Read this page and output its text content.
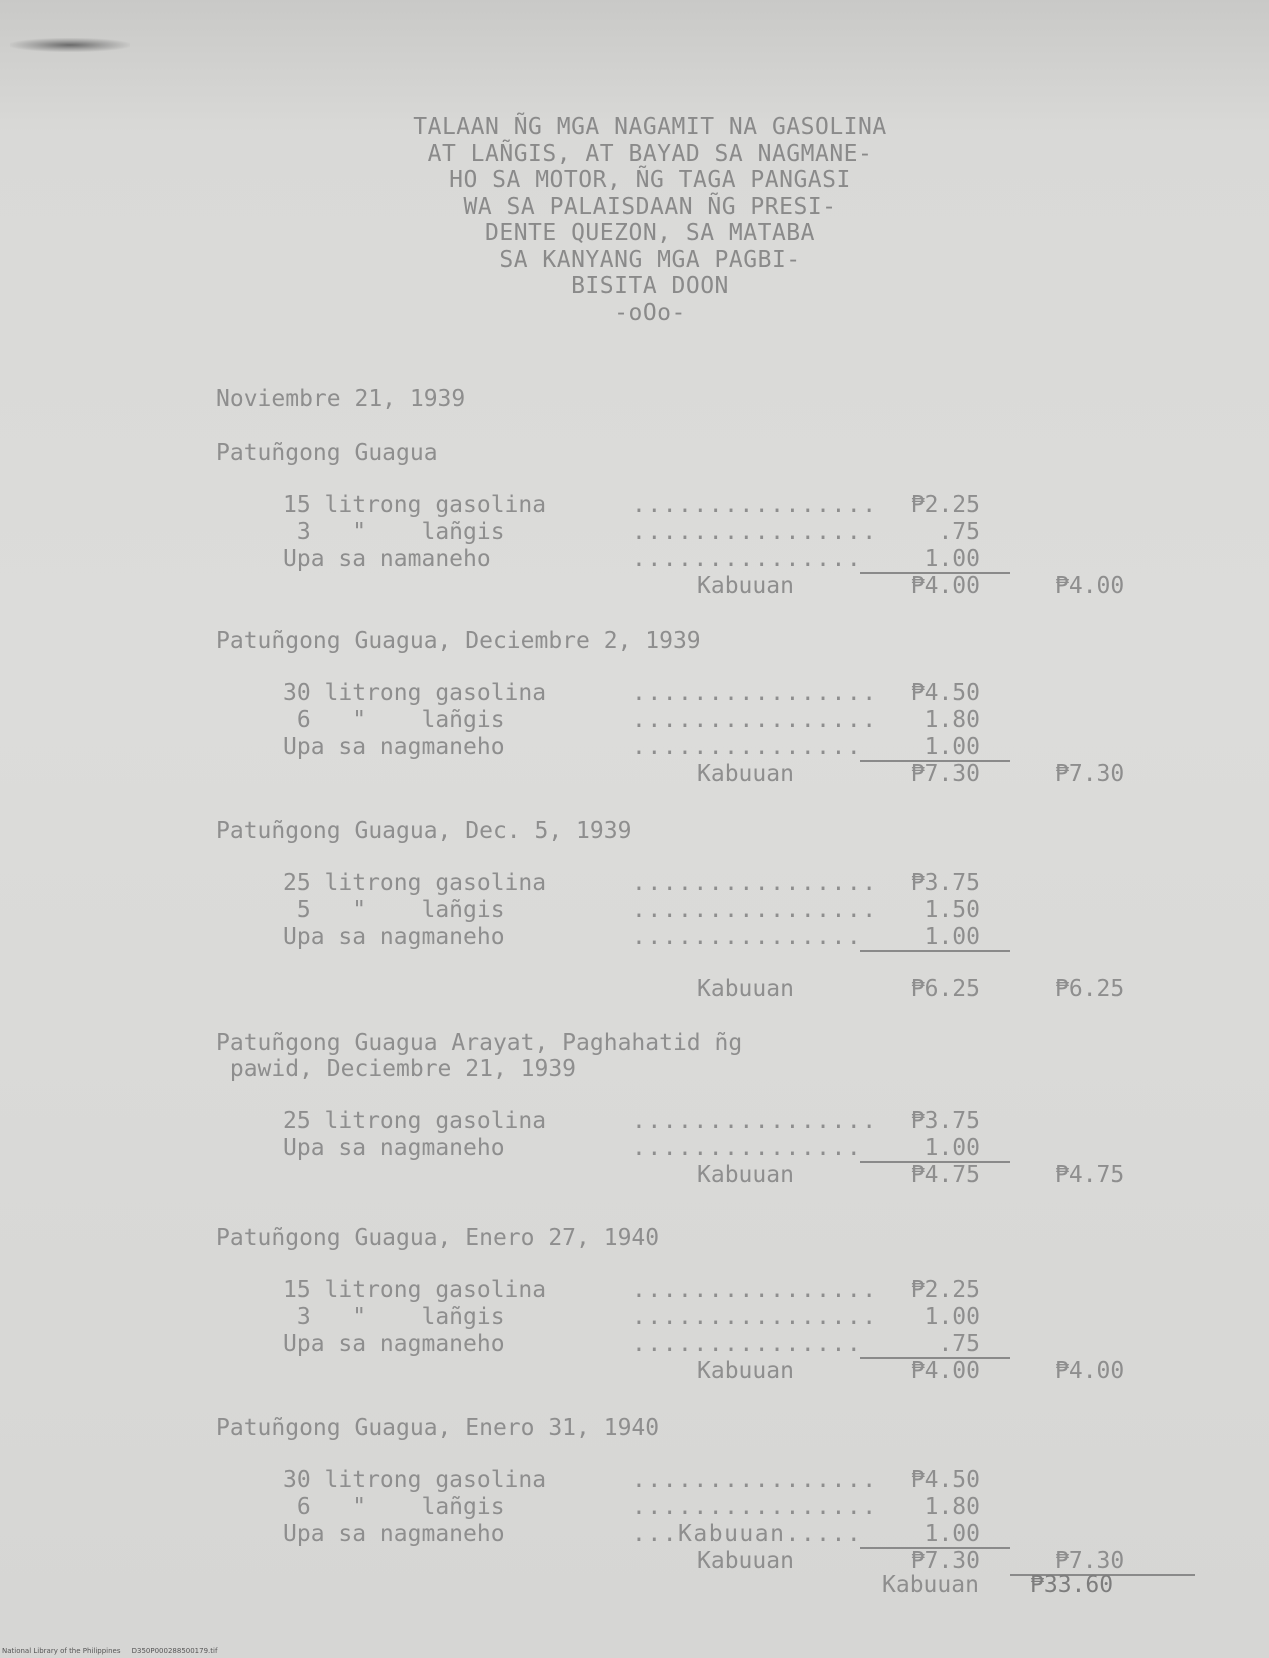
TALAAN ÑG MGA NAGAMIT NA GASOLINA
AT LAÑGIS, AT BAYAD SA NAGMANE-
HO SA MOTOR, ÑG TAGA PANGASI
WA SA PALAISDAAN ÑG PRESI-
DENTE QUEZON, SA MATABA
SA KANYANG MGA PAGBI-
BISITA DOON
-oOo-
Noviembre 21, 1939
Patuñgong Guagua
15 litrong gasolina	................	₱2.25
3   "    lañgis	................	.75
Upa sa namaneho	...............	1.00
Kabuuan	₱4.00	₱4.00
Patuñgong Guagua, Deciembre 2, 1939
30 litrong gasolina	................	₱4.50
6   "    lañgis	................	1.80
Upa sa nagmaneho	...............	1.00
Kabuuan	₱7.30	₱7.30
Patuñgong Guagua, Dec. 5, 1939
25 litrong gasolina	................	₱3.75
5   "    lañgis	................	1.50
Upa sa nagmaneho	...............	1.00
Kabuuan	₱6.25	₱6.25
Patuñgong Guagua Arayat, Paghahatid ñg
pawid, Deciembre 21, 1939
25 litrong gasolina	................	₱3.75
Upa sa nagmaneho	...............	1.00
Kabuuan	₱4.75	₱4.75
Patuñgong Guagua, Enero 27, 1940
15 litrong gasolina	................	₱2.25
3   "    lañgis	................	1.00
Upa sa nagmaneho	...............	.75
Kabuuan	₱4.00	₱4.00
Patuñgong Guagua, Enero 31, 1940
30 litrong gasolina	................	₱4.50
6   "    lañgis	................	1.80
Upa sa nagmaneho	...Kabuuan.....	1.00
Kabuuan	₱7.30	₱7.30
Kabuuan ₱33.60
National Library of the Philippines     D350P000288500179.tif
